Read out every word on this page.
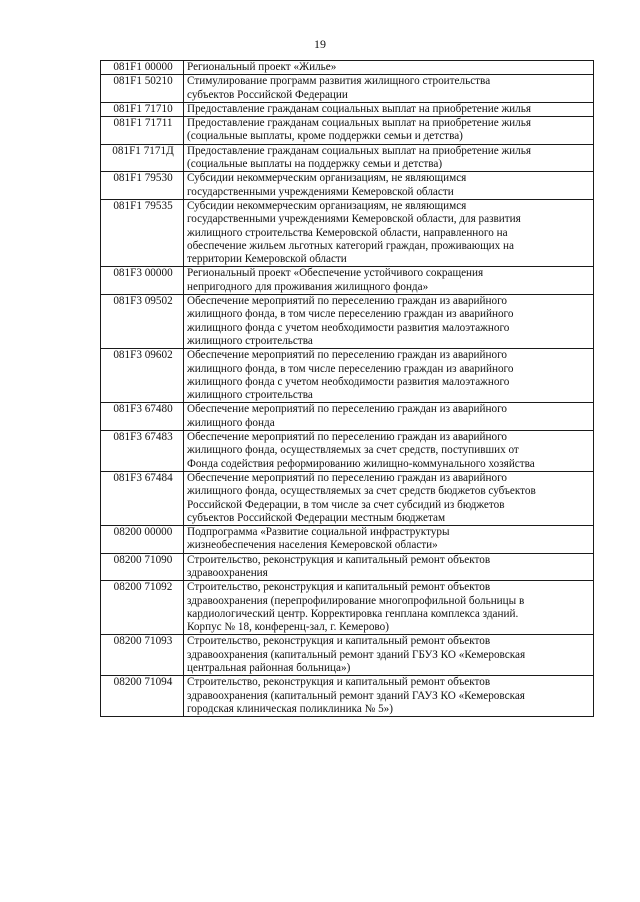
19
081F1 00000	Региональный проект «Жилье»
081F1 50210	Стимулирование программ развития жилищного строительства
субъектов Российской Федерации
081F1 71710	Предоставление гражданам социальных выплат на приобретение жилья
081F1 71711	Предоставление гражданам социальных выплат на приобретение жилья
(социальные выплаты, кроме поддержки семьи и детства)
081F1 7171Д	Предоставление гражданам социальных выплат на приобретение жилья
(социальные выплаты на поддержку семьи и детства)
081F1 79530	Субсидии некоммерческим организациям, не являющимся
государственными учреждениями Кемеровской области
081F1 79535	Субсидии некоммерческим организациям, не являющимся
государственными учреждениями Кемеровской области, для развития
жилищного строительства Кемеровской области, направленного на
обеспечение жильем льготных категорий граждан, проживающих на
территории Кемеровской области
081F3 00000	Региональный проект «Обеспечение устойчивого сокращения
непригодного для проживания жилищного фонда»
081F3 09502	Обеспечение мероприятий по переселению граждан из аварийного
жилищного фонда, в том числе переселению граждан из аварийного
жилищного фонда с учетом необходимости развития малоэтажного
жилищного строительства
081F3 09602	Обеспечение мероприятий по переселению граждан из аварийного
жилищного фонда, в том числе переселению граждан из аварийного
жилищного фонда с учетом необходимости развития малоэтажного
жилищного строительства
081F3 67480	Обеспечение мероприятий по переселению граждан из аварийного
жилищного фонда
081F3 67483	Обеспечение мероприятий по переселению граждан из аварийного
жилищного фонда, осуществляемых за счет средств, поступивших от
Фонда содействия реформированию жилищно-коммунального хозяйства
081F3 67484	Обеспечение мероприятий по переселению граждан из аварийного
жилищного фонда, осуществляемых за счет средств бюджетов субъектов
Российской Федерации, в том числе за счет субсидий из бюджетов
субъектов Российской Федерации местным бюджетам
08200 00000	Подпрограмма «Развитие социальной инфраструктуры
жизнеобеспечения населения Кемеровской области»
08200 71090	Строительство, реконструкция и капитальный ремонт объектов
здравоохранения
08200 71092	Строительство, реконструкция и капитальный ремонт объектов
здравоохранения (перепрофилирование многопрофильной больницы в
кардиологический центр. Корректировка генплана комплекса зданий.
Корпус № 18, конференц-зал, г. Кемерово)
08200 71093	Строительство, реконструкция и капитальный ремонт объектов
здравоохранения (капитальный ремонт зданий ГБУЗ КО «Кемеровская
центральная районная больница»)
08200 71094	Строительство, реконструкция и капитальный ремонт объектов
здравоохранения (капитальный ремонт зданий ГАУЗ КО «Кемеровская
городская клиническая поликлиника № 5»)
